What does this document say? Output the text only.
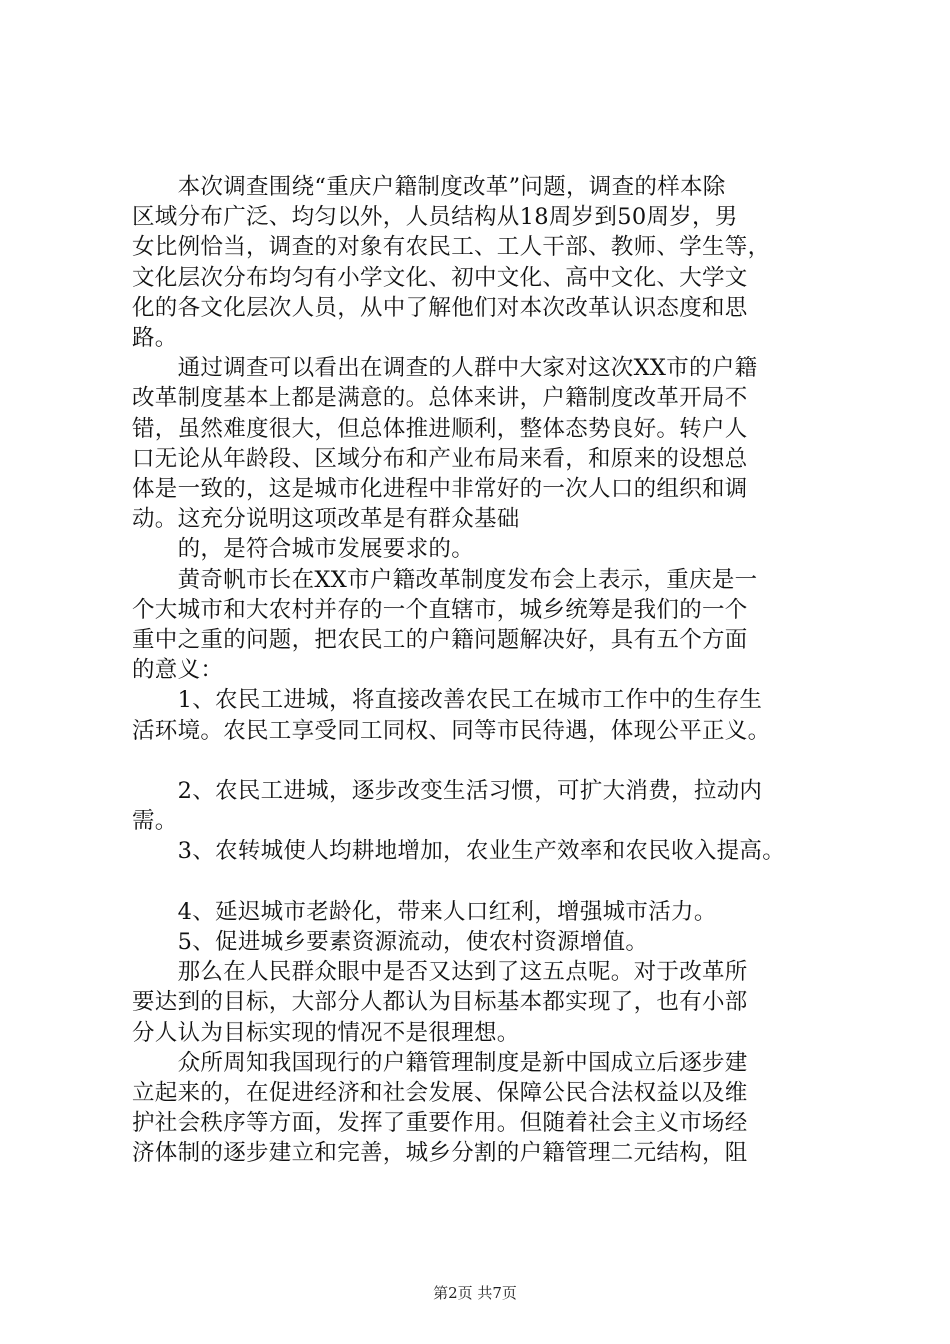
　　本次调查围绕“重庆户籍制度改革”问题，调查的样本除
区域分布广泛、均匀以外，人员结构从18周岁到50周岁，男
女比例恰当，调查的对象有农民工、工人干部、教师、学生等，
文化层次分布均匀有小学文化、初中文化、高中文化、大学文
化的各文化层次人员，从中了解他们对本次改革认识态度和思
路。
　　通过调查可以看出在调查的人群中大家对这次XX市的户籍
改革制度基本上都是满意的。总体来讲，户籍制度改革开局不
错，虽然难度很大，但总体推进顺利，整体态势良好。转户人
口无论从年龄段、区域分布和产业布局来看，和原来的设想总
体是一致的，这是城市化进程中非常好的一次人口的组织和调
动。这充分说明这项改革是有群众基础
　　的，是符合城市发展要求的。
　　黄奇帆市长在XX市户籍改革制度发布会上表示，重庆是一
个大城市和大农村并存的一个直辖市，城乡统筹是我们的一个
重中之重的问题，把农民工的户籍问题解决好，具有五个方面
的意义：
　　1、农民工进城，将直接改善农民工在城市工作中的生存生
活环境。农民工享受同工同权、同等市民待遇，体现公平正义。
　　2、农民工进城，逐步改变生活习惯，可扩大消费，拉动内
需。
　　3、农转城使人均耕地增加，农业生产效率和农民收入提高。
　　4、延迟城市老龄化，带来人口红利，增强城市活力。
　　5、促进城乡要素资源流动，使农村资源增值。
　　那么在人民群众眼中是否又达到了这五点呢。对于改革所
要达到的目标，大部分人都认为目标基本都实现了，也有小部
分人认为目标实现的情况不是很理想。
　　众所周知我国现行的户籍管理制度是新中国成立后逐步建
立起来的，在促进经济和社会发展、保障公民合法权益以及维
护社会秩序等方面，发挥了重要作用。但随着社会主义市场经
济体制的逐步建立和完善，城乡分割的户籍管理二元结构，阻
第2页 共7页
